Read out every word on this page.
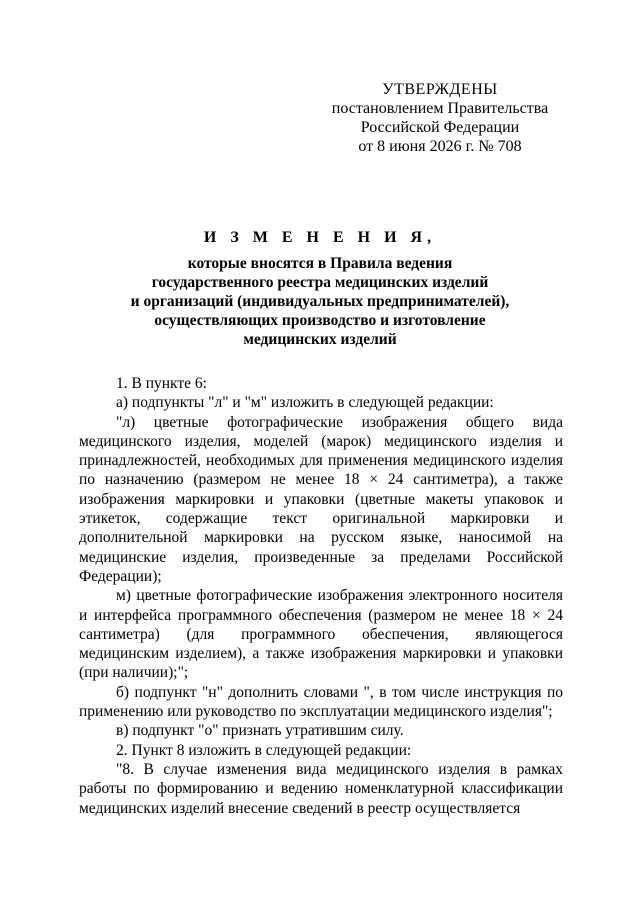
УТВЕРЖДЕНЫ
постановлением Правительства
Российской Федерации
от 8 июня 2026 г. № 708
И З М Е Н Е Н И Я,
которые вносятся в Правила ведения
государственного реестра медицинских изделий
и организаций (индивидуальных предпринимателей),
осуществляющих производство и изготовление
медицинских изделий

1. В пункте 6:

а) подпункты "л" и "м" изложить в следующей редакции:

"л) цветные фотографические изображения общего вида медицинского изделия, моделей (марок) медицинского изделия и принадлежностей, необходимых для применения медицинского изделия по назначению (размером не менее 18 × 24 сантиметра), а также изображения маркировки и упаковки (цветные макеты упаковок и этикеток, содержащие текст оригинальной маркировки и дополнительной маркировки на русском языке, наносимой на медицинские изделия, произведенные за пределами Российской Федерации);

м) цветные фотографические изображения электронного носителя и интерфейса программного обеспечения (размером не менее 18 × 24 сантиметра) (для программного обеспечения, являющегося медицинским изделием), а также изображения маркировки и упаковки (при наличии);";

б) подпункт "н" дополнить словами ", в том числе инструкция по применению или руководство по эксплуатации медицинского изделия";

в) подпункт "о" признать утратившим силу.

2. Пункт 8 изложить в следующей редакции:

"8. В случае изменения вида медицинского изделия в рамках работы по формированию и ведению номенклатурной классификации медицинских изделий внесение сведений в реестр осуществляется
